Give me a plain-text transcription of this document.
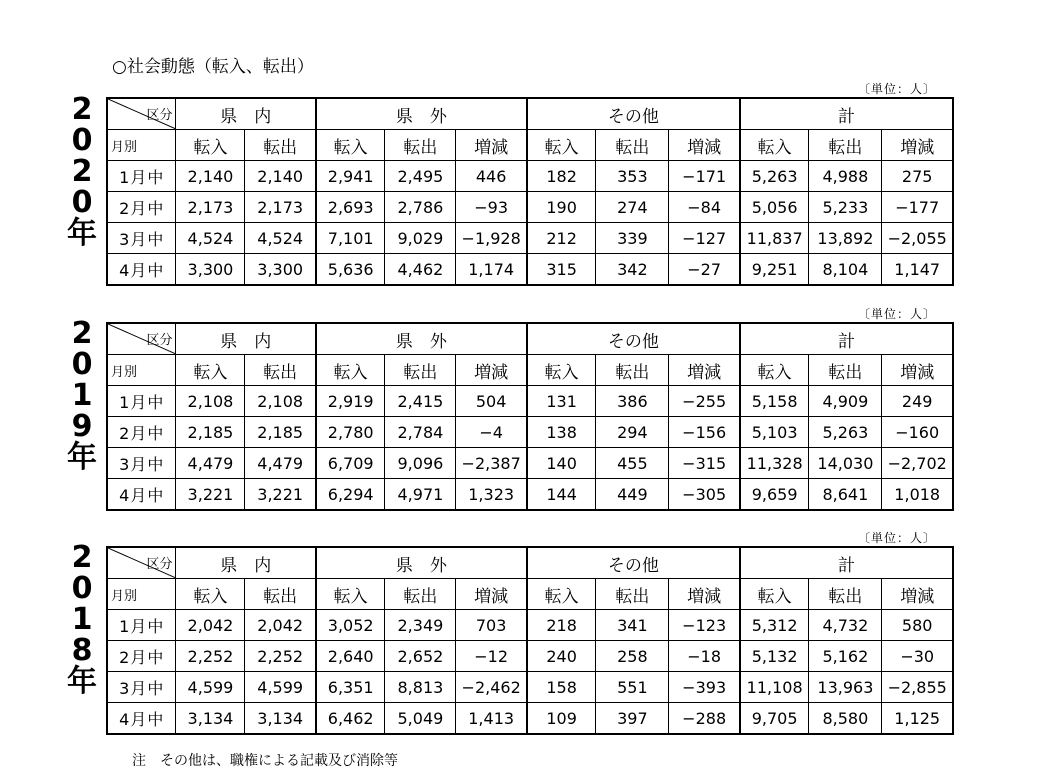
○社会動態（転入、転出）
〔単位：人〕
2
0
2
0
年
区分	県　内		県　外			その他			計		

月別	転入	転出	転入	転出	増減	転入	転出	増減	転入	転出	増減
1月中	2,140	2,140	2,941	2,495	446	182	353	−171	5,263	4,988	275
2月中	2,173	2,173	2,693	2,786	−93	190	274	−84	5,056	5,233	−177
3月中	4,524	4,524	7,101	9,029	−1,928	212	339	−127	11,837	13,892	−2,055
4月中	3,300	3,300	5,636	4,462	1,174	315	342	−27	9,251	8,104	1,147
〔単位：人〕
2
0
1
9
年
区分	県　内		県　外			その他			計		

月別	転入	転出	転入	転出	増減	転入	転出	増減	転入	転出	増減
1月中	2,108	2,108	2,919	2,415	504	131	386	−255	5,158	4,909	249
2月中	2,185	2,185	2,780	2,784	−4	138	294	−156	5,103	5,263	−160
3月中	4,479	4,479	6,709	9,096	−2,387	140	455	−315	11,328	14,030	−2,702
4月中	3,221	3,221	6,294	4,971	1,323	144	449	−305	9,659	8,641	1,018
〔単位：人〕
2
0
1
8
年
区分	県　内		県　外			その他			計		

月別	転入	転出	転入	転出	増減	転入	転出	増減	転入	転出	増減
1月中	2,042	2,042	3,052	2,349	703	218	341	−123	5,312	4,732	580
2月中	2,252	2,252	2,640	2,652	−12	240	258	−18	5,132	5,162	−30
3月中	4,599	4,599	6,351	8,813	−2,462	158	551	−393	11,108	13,963	−2,855
4月中	3,134	3,134	6,462	5,049	1,413	109	397	−288	9,705	8,580	1,125
注　その他は、職権による記載及び消除等
